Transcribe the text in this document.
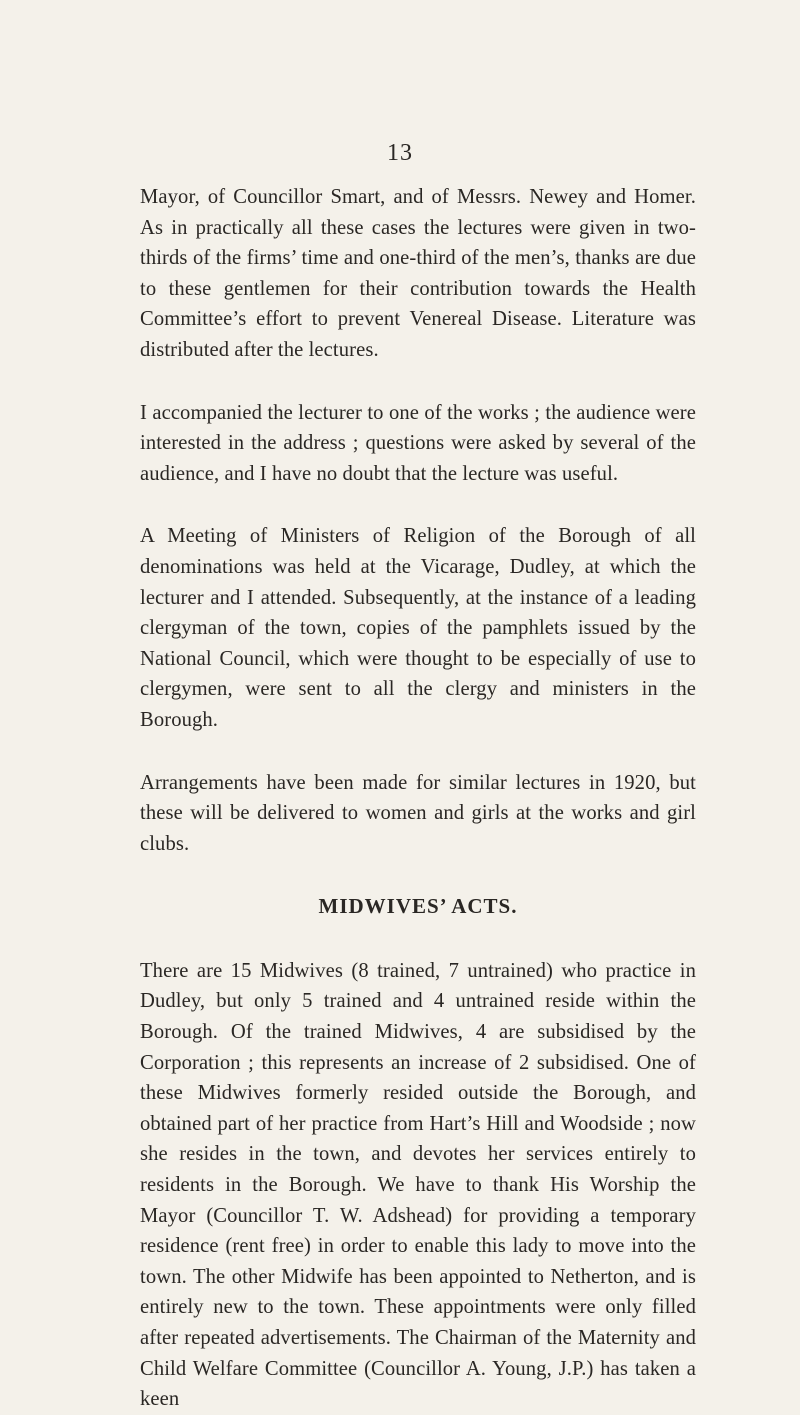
13

Mayor, of Councillor Smart, and of Messrs. Newey and Homer. As in practically all these cases the lectures were given in two-thirds of the firms’ time and one-third of the men’s, thanks are due to these gentlemen for their contribution towards the Health Committee’s effort to prevent Venereal Disease. Literature was distributed after the lectures.

I accompanied the lecturer to one of the works ; the audience were interested in the address ; questions were asked by several of the audience, and I have no doubt that the lecture was useful.

A Meeting of Ministers of Religion of the Borough of all denominations was held at the Vicarage, Dudley, at which the lecturer and I attended. Subsequently, at the instance of a leading clergyman of the town, copies of the pamphlets issued by the National Council, which were thought to be especially of use to clergymen, were sent to all the clergy and ministers in the Borough.

Arrangements have been made for similar lectures in 1920, but these will be delivered to women and girls at the works and girl clubs.

MIDWIVES’ ACTS.

There are 15 Midwives (8 trained, 7 untrained) who practice in Dudley, but only 5 trained and 4 untrained reside within the Borough. Of the trained Midwives, 4 are subsidised by the Corporation ; this represents an increase of 2 subsidised. One of these Midwives formerly resided outside the Borough, and obtained part of her practice from Hart’s Hill and Woodside ; now she resides in the town, and devotes her services entirely to residents in the Borough. We have to thank His Worship the Mayor (Councillor T. W. Adshead) for providing a temporary residence (rent free) in order to enable this lady to move into the town. The other Midwife has been appointed to Netherton, and is entirely new to the town. These appointments were only filled after repeated advertisements. The Chairman of the Maternity and Child Welfare Committee (Councillor A. Young, J.P.) has taken a keen
